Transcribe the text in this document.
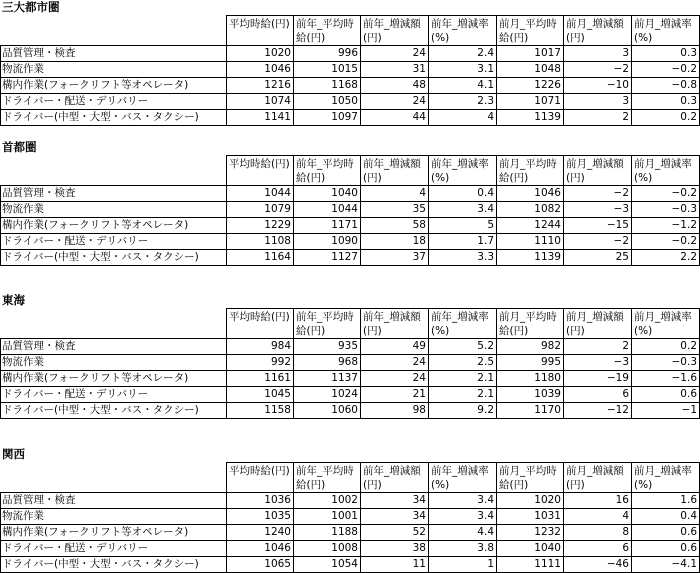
三大都市圏
	平均時給(円)	前年_平均時給(円)	前年_増減額(円)	前年_増減率(%)	前月_平均時給(円)	前月_増減額(円)	前月_増減率(%)
品質管理・検査	1020	996	24	2.4	1017	3	0.3
物流作業	1046	1015	31	3.1	1048	−2	−0.2
構内作業(フォークリフト等オペレータ)	1216	1168	48	4.1	1226	−10	−0.8
ドライバー・配送・デリバリー	1074	1050	24	2.3	1071	3	0.3
ドライバー(中型・大型・バス・タクシー)	1141	1097	44	4	1139	2	0.2
首都圏
	平均時給(円)	前年_平均時給(円)	前年_増減額(円)	前年_増減率(%)	前月_平均時給(円)	前月_増減額(円)	前月_増減率(%)
品質管理・検査	1044	1040	4	0.4	1046	−2	−0.2
物流作業	1079	1044	35	3.4	1082	−3	−0.3
構内作業(フォークリフト等オペレータ)	1229	1171	58	5	1244	−15	−1.2
ドライバー・配送・デリバリー	1108	1090	18	1.7	1110	−2	−0.2
ドライバー(中型・大型・バス・タクシー)	1164	1127	37	3.3	1139	25	2.2
東海
	平均時給(円)	前年_平均時給(円)	前年_増減額(円)	前年_増減率(%)	前月_平均時給(円)	前月_増減額(円)	前月_増減率(%)
品質管理・検査	984	935	49	5.2	982	2	0.2
物流作業	992	968	24	2.5	995	−3	−0.3
構内作業(フォークリフト等オペレータ)	1161	1137	24	2.1	1180	−19	−1.6
ドライバー・配送・デリバリー	1045	1024	21	2.1	1039	6	0.6
ドライバー(中型・大型・バス・タクシー)	1158	1060	98	9.2	1170	−12	−1
関西
	平均時給(円)	前年_平均時給(円)	前年_増減額(円)	前年_増減率(%)	前月_平均時給(円)	前月_増減額(円)	前月_増減率(%)
品質管理・検査	1036	1002	34	3.4	1020	16	1.6
物流作業	1035	1001	34	3.4	1031	4	0.4
構内作業(フォークリフト等オペレータ)	1240	1188	52	4.4	1232	8	0.6
ドライバー・配送・デリバリー	1046	1008	38	3.8	1040	6	0.6
ドライバー(中型・大型・バス・タクシー)	1065	1054	11	1	1111	−46	−4.1
